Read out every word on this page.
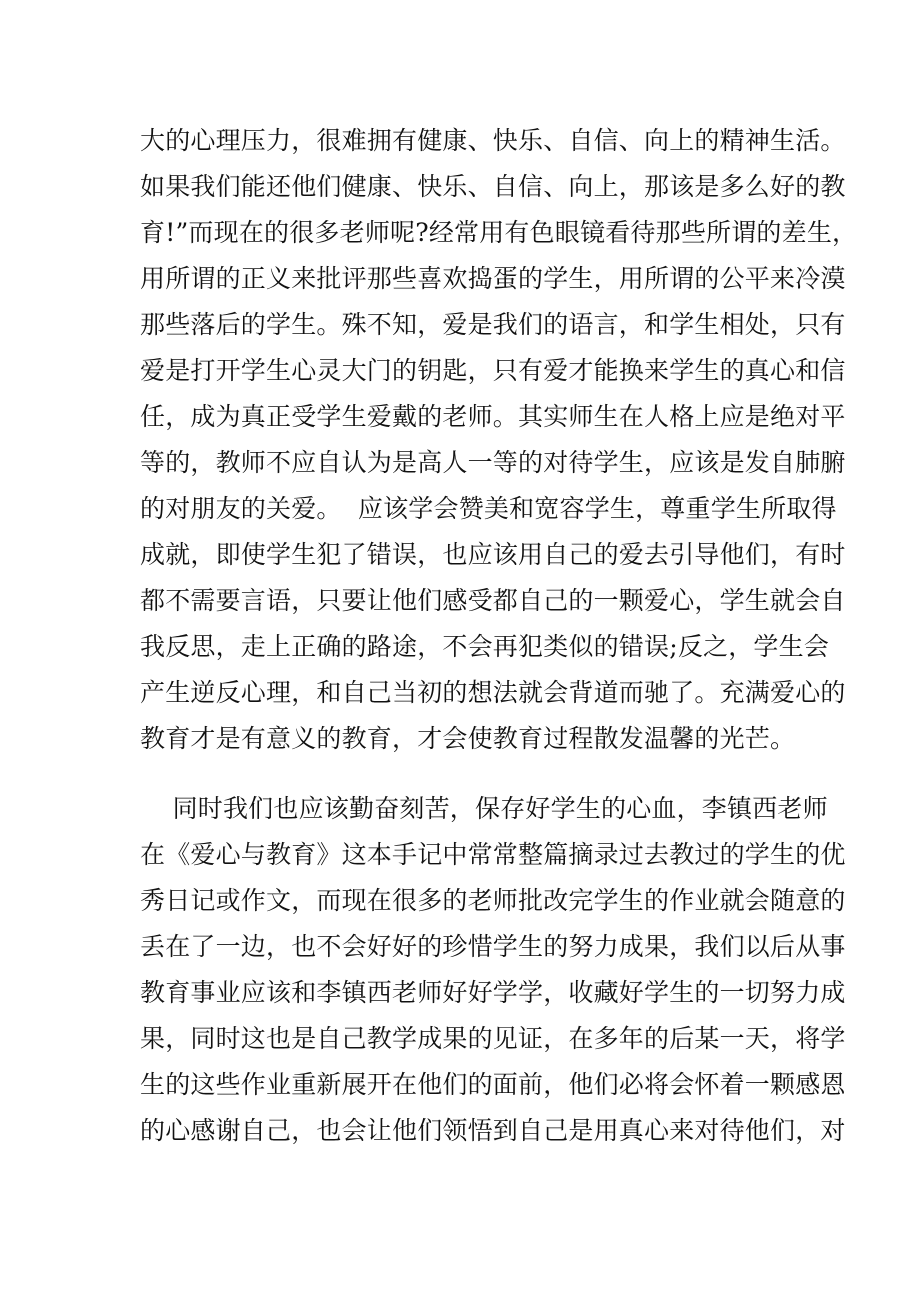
大的心理压力，很难拥有健康、快乐、自信、向上的精神生活。
如果我们能还他们健康、快乐、自信、向上，那该是多么好的教
育!”而现在的很多老师呢?经常用有色眼镜看待那些所谓的差生，
用所谓的正义来批评那些喜欢捣蛋的学生，用所谓的公平来冷漠
那些落后的学生。殊不知，爱是我们的语言，和学生相处，只有
爱是打开学生心灵大门的钥匙，只有爱才能换来学生的真心和信
任，成为真正受学生爱戴的老师。其实师生在人格上应是绝对平
等的，教师不应自认为是高人一等的对待学生，应该是发自肺腑
的对朋友的关爱。  应该学会赞美和宽容学生，尊重学生所取得
成就，即使学生犯了错误，也应该用自己的爱去引导他们，有时
都不需要言语，只要让他们感受都自己的一颗爱心，学生就会自
我反思，走上正确的路途，不会再犯类似的错误;反之，学生会
产生逆反心理，和自己当初的想法就会背道而驰了。充满爱心的
教育才是有意义的教育，才会使教育过程散发温馨的光芒。
同时我们也应该勤奋刻苦，保存好学生的心血，李镇西老师
在《爱心与教育》这本手记中常常整篇摘录过去教过的学生的优
秀日记或作文，而现在很多的老师批改完学生的作业就会随意的
丢在了一边，也不会好好的珍惜学生的努力成果，我们以后从事
教育事业应该和李镇西老师好好学学，收藏好学生的一切努力成
果，同时这也是自己教学成果的见证，在多年的后某一天，将学
生的这些作业重新展开在他们的面前，他们必将会怀着一颗感恩
的心感谢自己，也会让他们领悟到自己是用真心来对待他们，对
